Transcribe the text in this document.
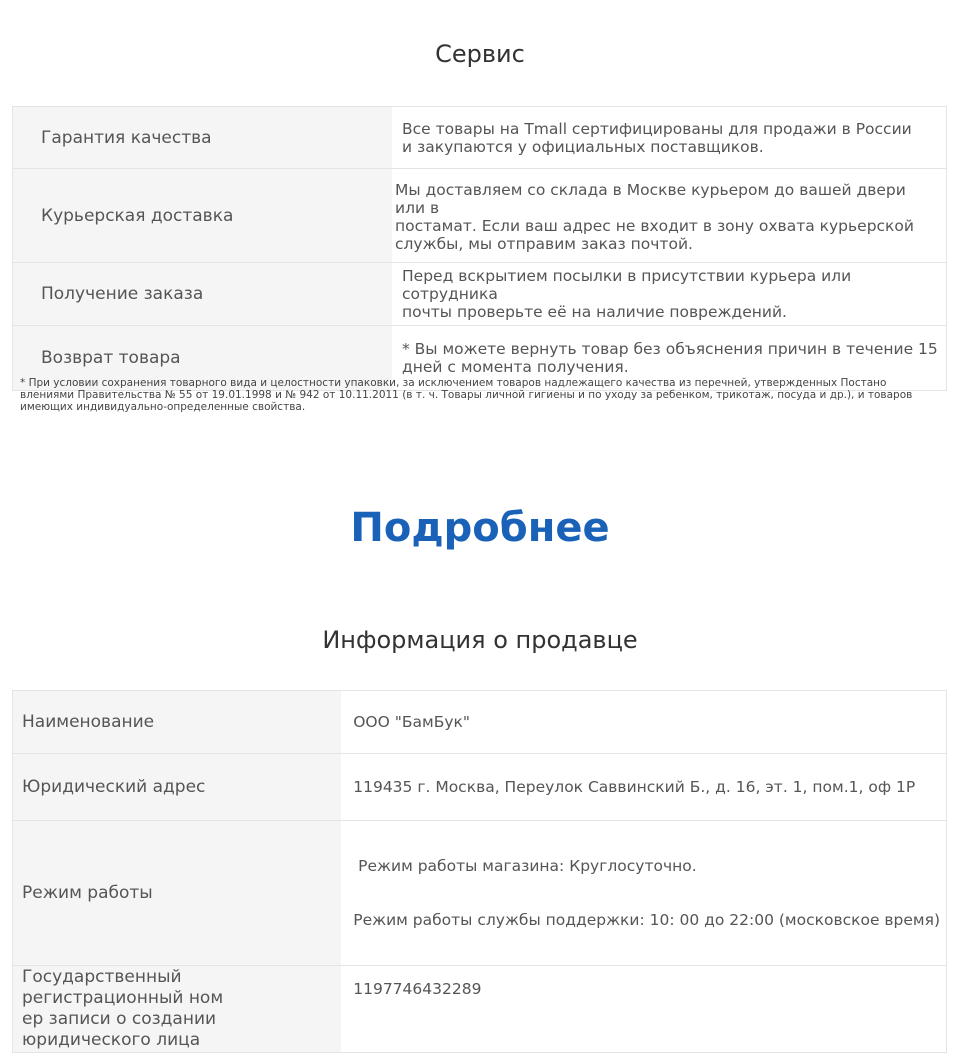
Сервис
Гарантия качества	Все товары на Tmall сертифицированы для продажи в России
и закупаются у официальных поставщиков.

Курьерская доставка	Мы доставляем со склада в Москве курьером до вашей двери или в
постамат. Если ваш адрес не входит в зону охвата курьерской
службы, мы отправим заказ почтой.

Получение заказа	Перед вскрытием посылки в присутствии курьера или сотрудника
почты проверьте её на наличие повреждений.

Возврат товара	* Вы можете вернуть товар без объяснения причин в течение 15
дней с момента получения.
* При условии сохранения товарного вида и целостности упаковки, за исключением товаров надлежащего качества из перечней, утвержденных Постано
влениями Правительства № 55 от 19.01.1998 и № 942 от 10.11.2011 (в т. ч. Товары личной гигиены и по уходу за ребенком, трикотаж, посуда и др.), и товаров
имеющих индивидуально-определенные свойства.
Подробнее
Информация о продавце
Наименование	ООО "БамБук"

Юридический адрес	119435 г. Москва, Переулок Саввинский Б., д. 16, эт. 1, пом.1, оф 1Р

Режим работы	Режим работы магазина: Круглосуточно.

Режим работы службы поддержки: 10: 00 до 22:00 (московское время)

Государственный регистрационный ном
ер записи о создании юридического лица	1197746432289
